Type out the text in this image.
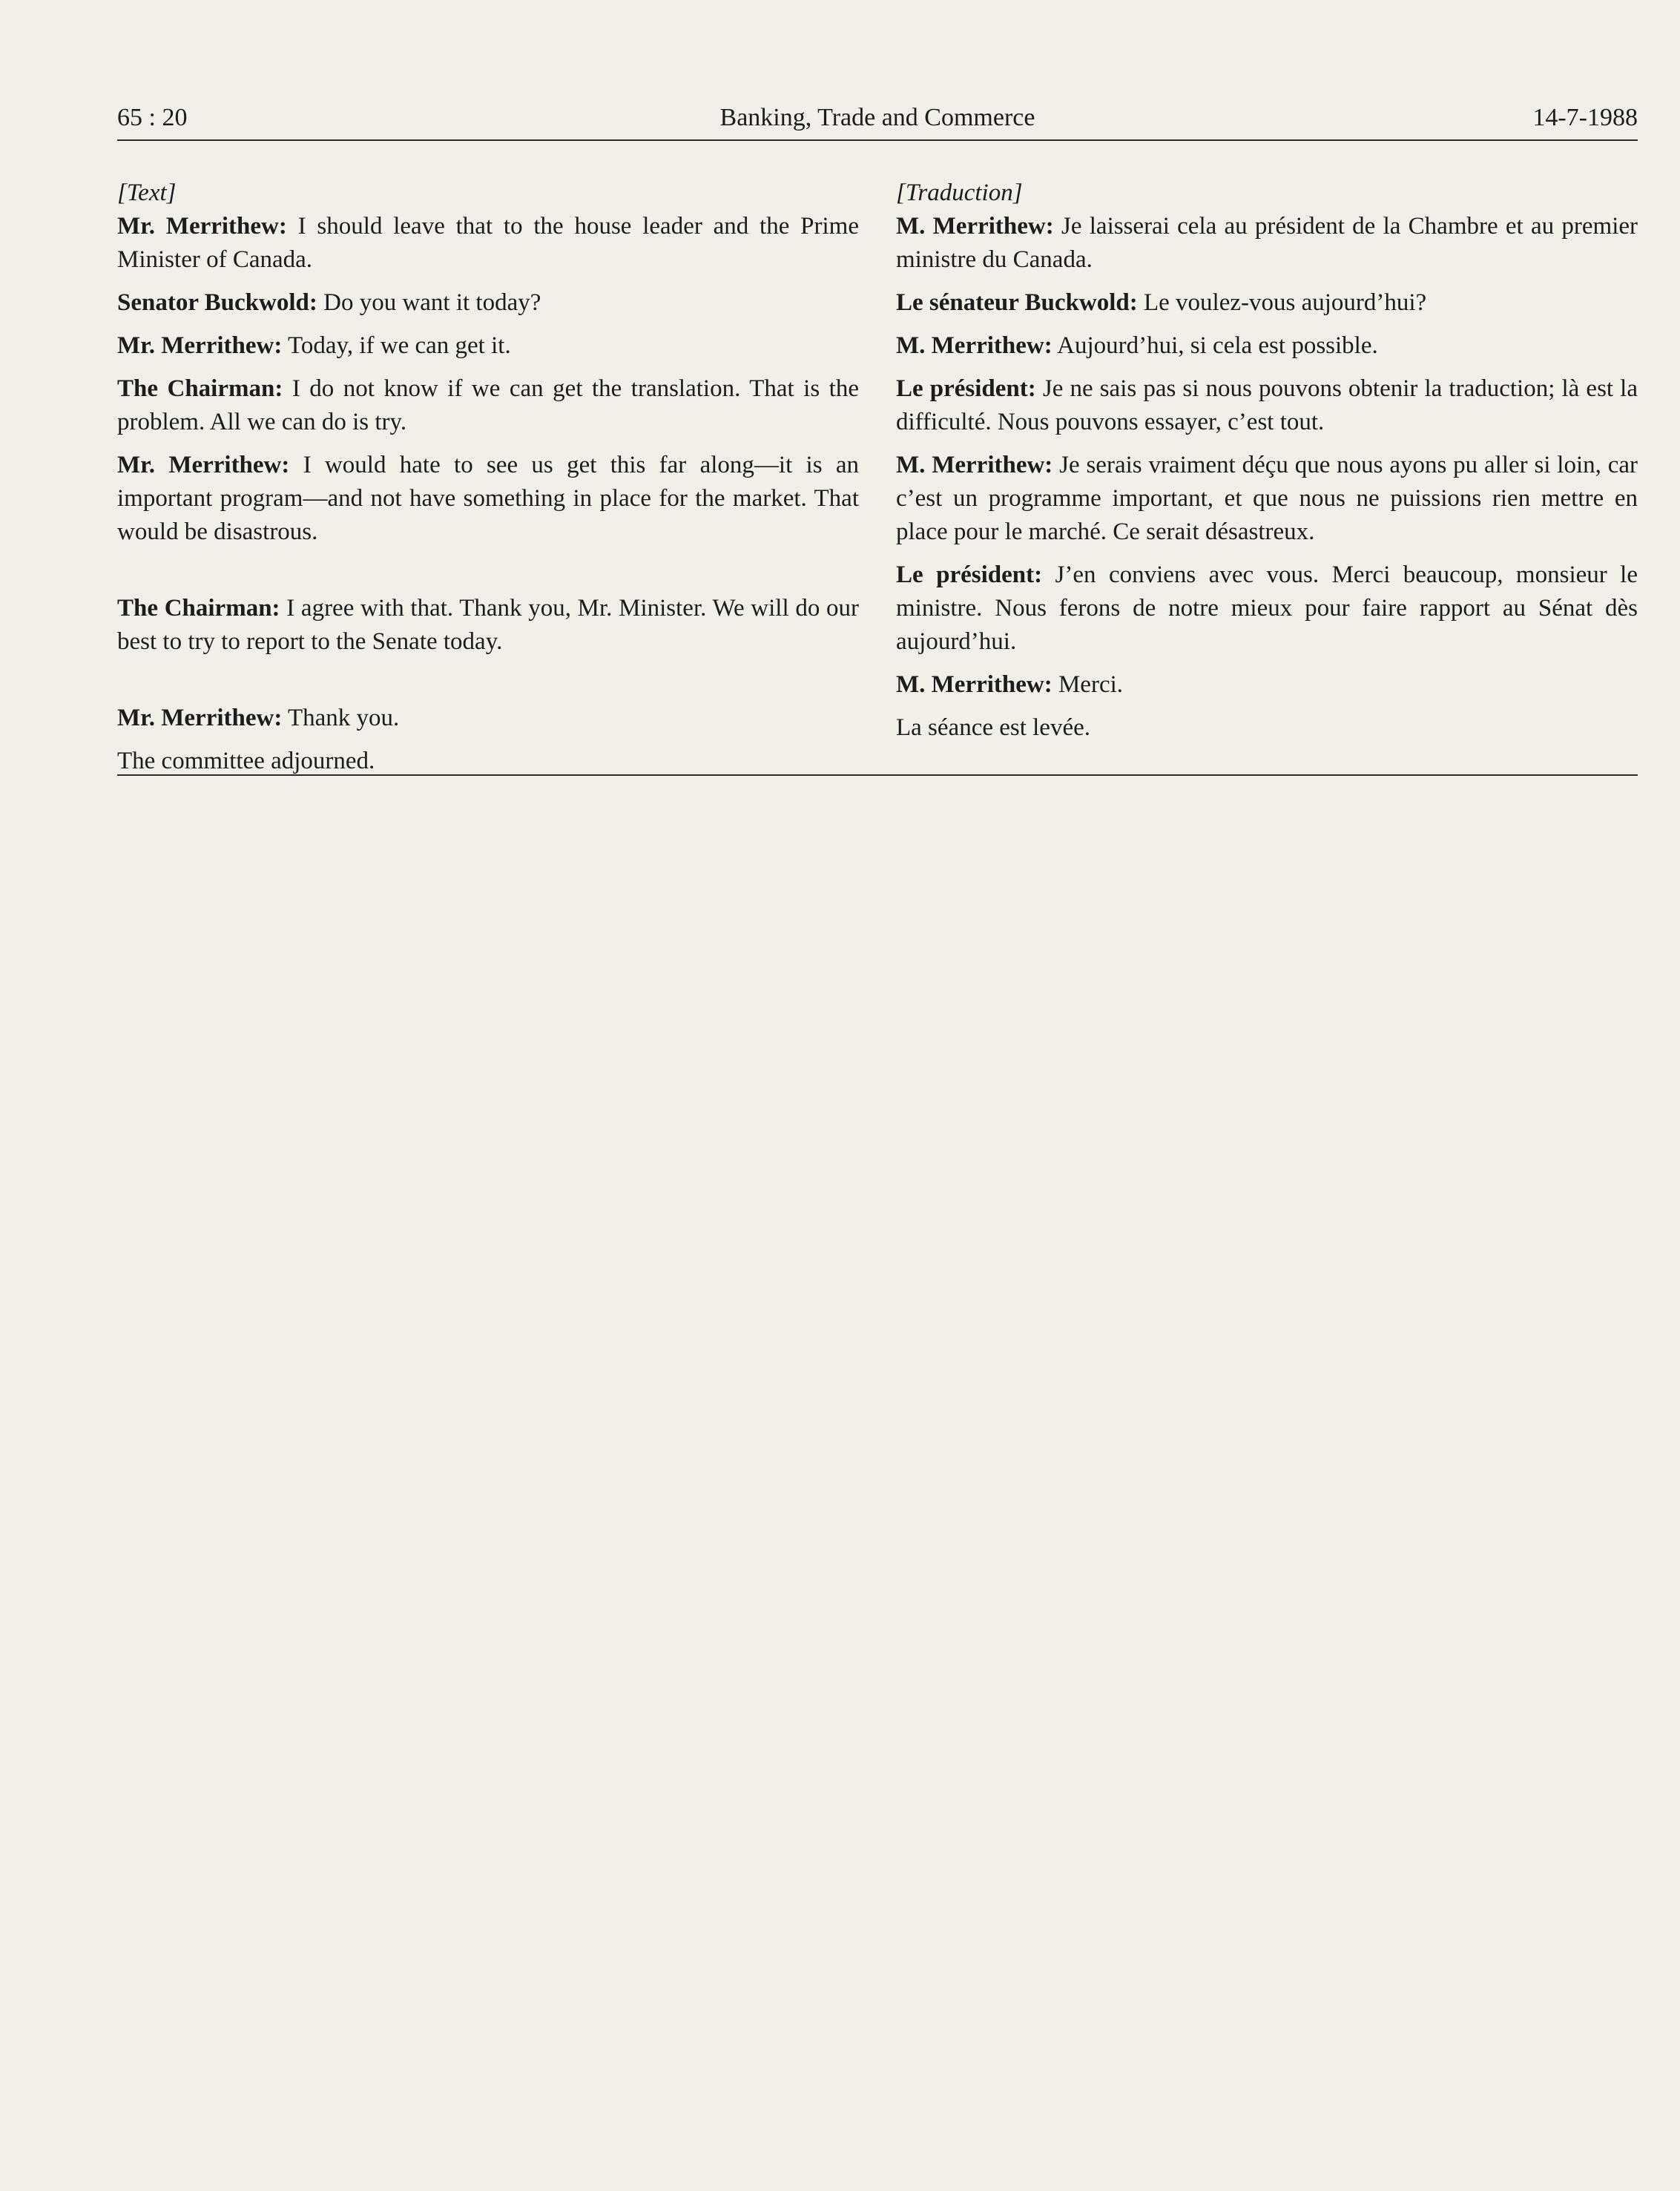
65 : 20	Banking, Trade and Commerce	14-7-1988

[Text]

Mr. Merrithew: I should leave that to the house leader and the Prime Minister of Canada.

Senator Buckwold: Do you want it today?

Mr. Merrithew: Today, if we can get it.

The Chairman: I do not know if we can get the translation. That is the problem. All we can do is try.

Mr. Merrithew: I would hate to see us get this far along—it is an important program—and not have something in place for the market. That would be disastrous.

The Chairman: I agree with that. Thank you, Mr. Minister. We will do our best to try to report to the Senate today.

Mr. Merrithew: Thank you.

The committee adjourned.

[Traduction]

M. Merrithew: Je laisserai cela au président de la Chambre et au premier ministre du Canada.

Le sénateur Buckwold: Le voulez-vous aujourd’hui?

M. Merrithew: Aujourd’hui, si cela est possible.

Le président: Je ne sais pas si nous pouvons obtenir la traduction; là est la difficulté. Nous pouvons essayer, c’est tout.

M. Merrithew: Je serais vraiment déçu que nous ayons pu aller si loin, car c’est un programme important, et que nous ne puissions rien mettre en place pour le marché. Ce serait désastreux.

Le président: J’en conviens avec vous. Merci beaucoup, monsieur le ministre. Nous ferons de notre mieux pour faire rapport au Sénat dès aujourd’hui.

M. Merrithew: Merci.

La séance est levée.
